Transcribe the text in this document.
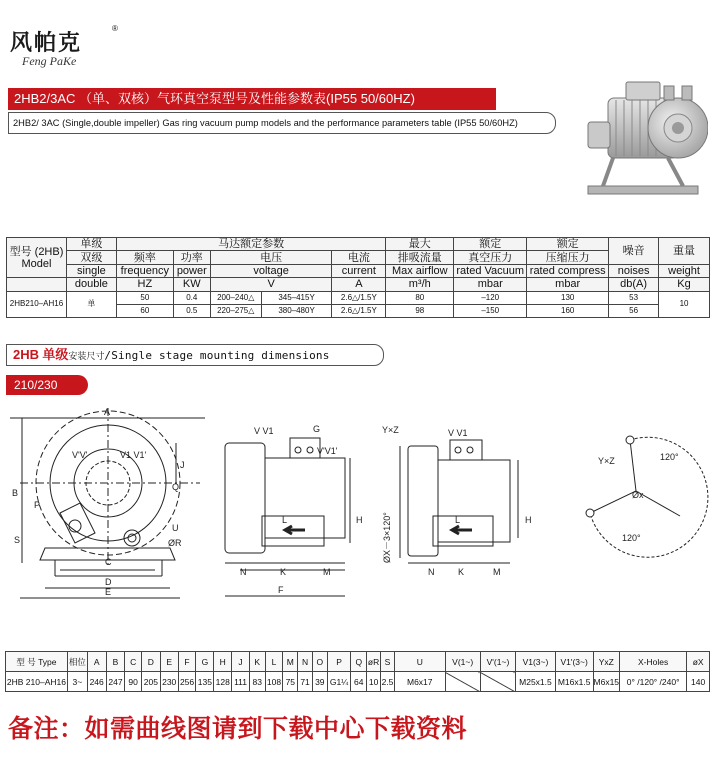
风帕克
®
Feng PaKe
2HB2/3AC （单、双核）气环真空泵型号及性能参数表(IP55 50/60HZ)
2HB2/ 3AC (Single,double impeller) Gas ring vacuum pump models and the performance parameters table (IP55 50/60HZ)
型号 (2HB)
Model	单级	马达额定参数					最大	额定	额定	噪音	重量
	双级	频率	功率	电压		电流	排吸流量	真空压力	压缩压力		
	single	frequency	power	voltage		current	Max airflow	rated Vacuum	rated compress	noises	weight
	double	HZ	KW	V		A	m³/h	mbar	mbar	db(A)	Kg
2HB210–AH16	单	50	0.4	200–240△	345–415Y	2.6△/1.5Y	80	–120	130	53	10
		60	0.5	220–275△	380–480Y	2.6△/1.5Y	98	–150	160	56	
2HB 单级安装尺寸/Single stage mounting dimensions
210/230
A
B
C
D
E
J
P
Q
U
ØR
S
V'V'	V1 V1'
V V1	G
V'V1'
H
L
N	K	M
F
Y×Z	V V1
H
L
N	K	M
ØX－3×120°
Y×Z	120°
120°
Øx
型 号 Type	相位	A	B	C	D	E	F	G	H	J	K	L	M	N	O	P	Q	øR	S	U	V(1~)	V'(1~)	V1(3~)	V1'(3~)	YxZ	X-Holes	øX
2HB 210–AH16	3~	246	247	90	205	230	256	135	128	111	83	108	75	71	39	G1¼	64	10	2.5	M6x17			M25x1.5	M16x1.5	M6x15	0° /120° /240°	140
备注：如需曲线图请到下载中心下载资料
